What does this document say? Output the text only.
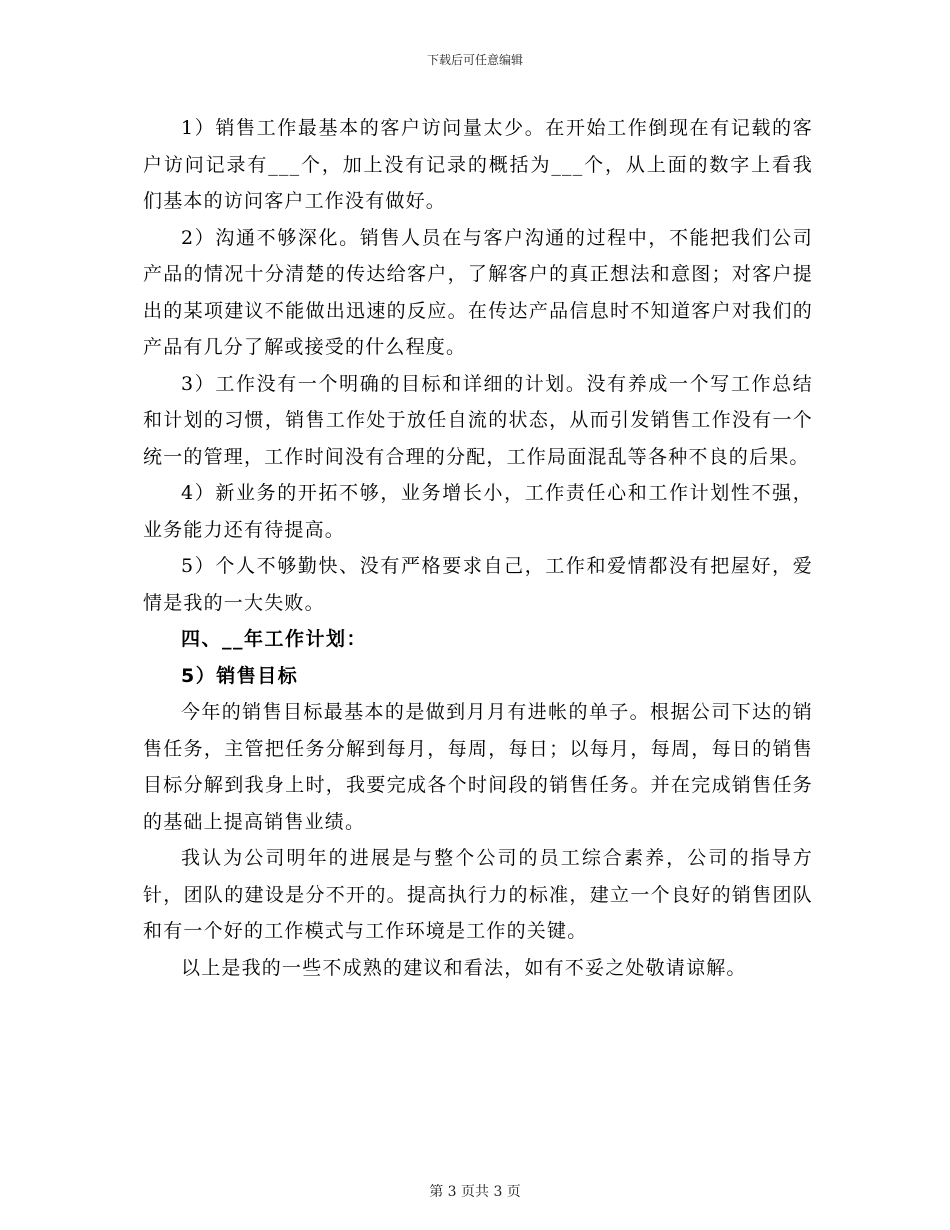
下载后可任意编辑

1）销售工作最基本的客户访问量太少。在开始工作倒现在有记载的客户访问记录有___个，加上没有记录的概括为___个，从上面的数字上看我们基本的访问客户工作没有做好。

2）沟通不够深化。销售人员在与客户沟通的过程中，不能把我们公司产品的情况十分清楚的传达给客户，了解客户的真正想法和意图；对客户提出的某项建议不能做出迅速的反应。在传达产品信息时不知道客户对我们的产品有几分了解或接受的什么程度。

3）工作没有一个明确的目标和详细的计划。没有养成一个写工作总结和计划的习惯，销售工作处于放任自流的状态，从而引发销售工作没有一个统一的管理，工作时间没有合理的分配，工作局面混乱等各种不良的后果。

4）新业务的开拓不够，业务增长小，工作责任心和工作计划性不强，业务能力还有待提高。

5）个人不够勤快、没有严格要求自己，工作和爱情都没有把屋好，爱情是我的一大失败。

四、__年工作计划：

5）销售目标

今年的销售目标最基本的是做到月月有进帐的单子。根据公司下达的销售任务，主管把任务分解到每月，每周，每日；以每月，每周，每日的销售目标分解到我身上时，我要完成各个时间段的销售任务。并在完成销售任务的基础上提高销售业绩。

我认为公司明年的进展是与整个公司的员工综合素养，公司的指导方针，团队的建设是分不开的。提高执行力的标准，建立一个良好的销售团队和有一个好的工作模式与工作环境是工作的关键。

以上是我的一些不成熟的建议和看法，如有不妥之处敬请谅解。

第 3 页共 3 页
